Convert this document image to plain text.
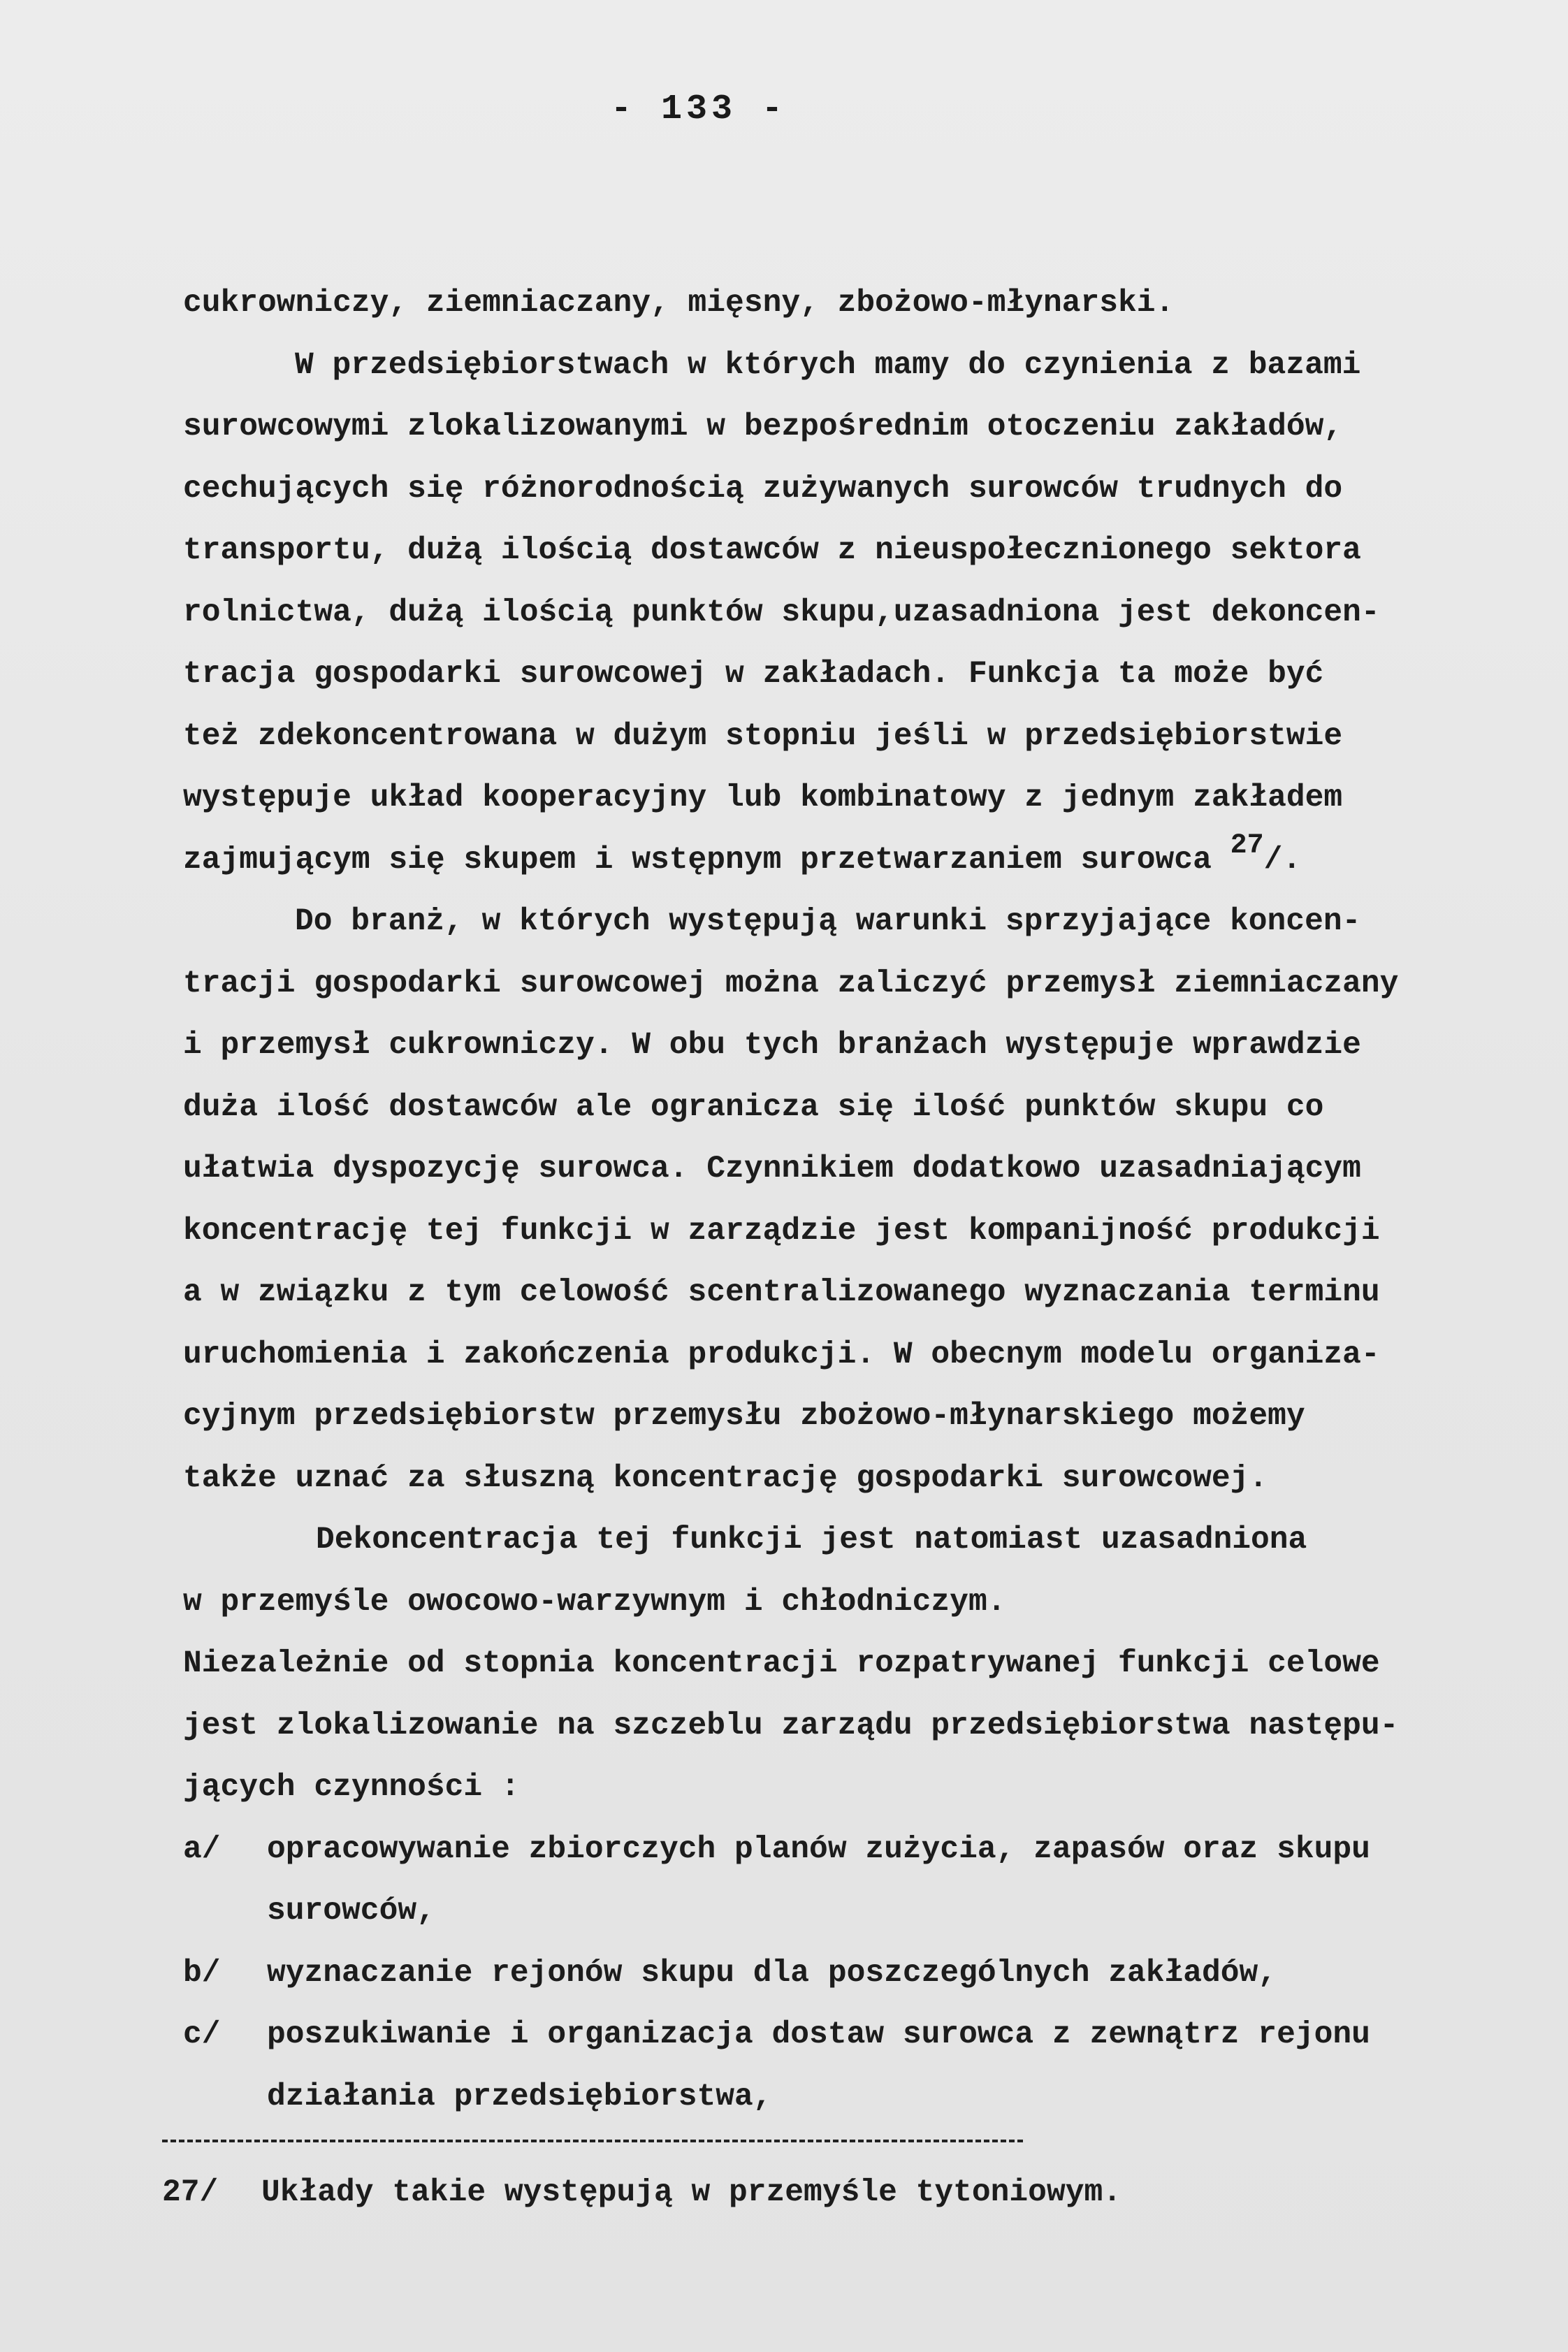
- 133 -
cukrowniczy, ziemniaczany, mięsny, zbożowo-młynarski.
W przedsiębiorstwach w których mamy do czynienia z bazami
surowcowymi zlokalizowanymi w bezpośrednim otoczeniu zakładów,
cechujących się różnorodnością zużywanych surowców trudnych do
transportu, dużą ilością dostawców z nieuspołecznionego sektora
rolnictwa, dużą ilością punktów skupu,uzasadniona jest dekoncen-
tracja gospodarki surowcowej w zakładach. Funkcja ta może być
też zdekoncentrowana w dużym stopniu jeśli w przedsiębiorstwie
występuje układ kooperacyjny lub kombinatowy z jednym zakładem
zajmującym się skupem i wstępnym przetwarzaniem surowca 27/.
Do branż, w których występują warunki sprzyjające koncen-
tracji gospodarki surowcowej można zaliczyć przemysł ziemniaczany
i przemysł cukrowniczy. W obu tych branżach występuje wprawdzie
duża ilość dostawców ale ogranicza się ilość punktów skupu co
ułatwia dyspozycję surowca. Czynnikiem dodatkowo uzasadniającym
koncentrację tej funkcji w zarządzie jest kompanijność produkcji
a w związku z tym celowość scentralizowanego wyznaczania terminu
uruchomienia i zakończenia produkcji. W obecnym modelu organiza-
cyjnym przedsiębiorstw przemysłu zbożowo-młynarskiego możemy
także uznać za słuszną koncentrację gospodarki surowcowej.
Dekoncentracja tej funkcji jest natomiast uzasadniona
w przemyśle owocowo-warzywnym i chłodniczym.
Niezależnie od stopnia koncentracji rozpatrywanej funkcji celowe
jest zlokalizowanie na szczeblu zarządu przedsiębiorstwa następu-
jących czynności :
a/ opracowywanie zbiorczych planów zużycia, zapasów oraz skupu
surowców,
b/ wyznaczanie rejonów skupu dla poszczególnych zakładów,
c/ poszukiwanie i organizacja dostaw surowca z zewnątrz rejonu
działania przedsiębiorstwa,
27/ Układy takie występują w przemyśle tytoniowym.
